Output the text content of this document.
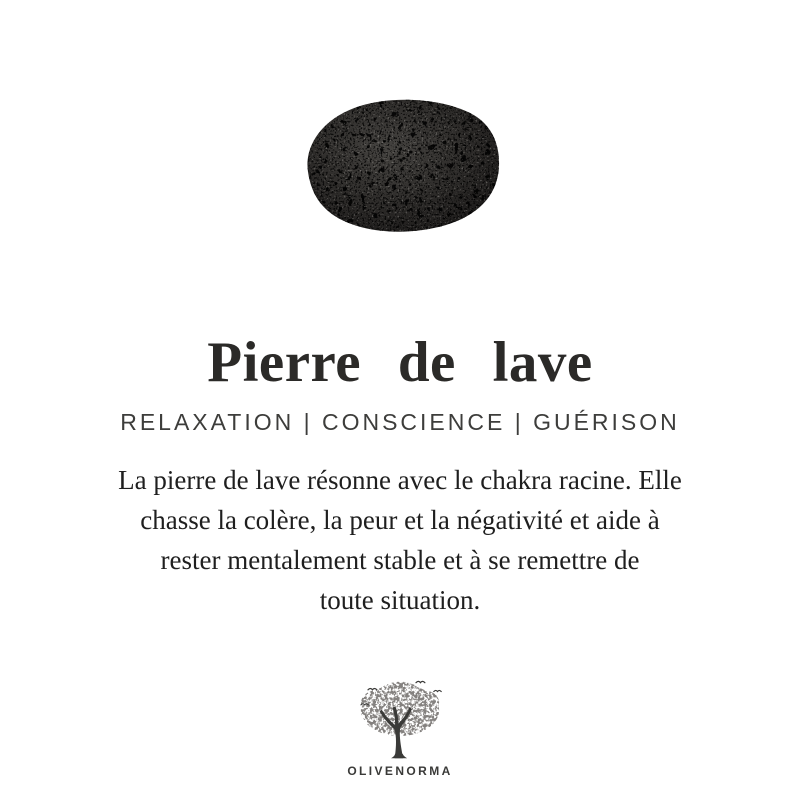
Pierre de lave
RELAXATION | CONSCIENCE | GUÉRISON

La pierre de lave résonne avec le chakra racine. Elle
chasse la colère, la peur et la négativité et aide à
rester mentalement stable et à se remettre de
toute situation.

OLIVENORMA
